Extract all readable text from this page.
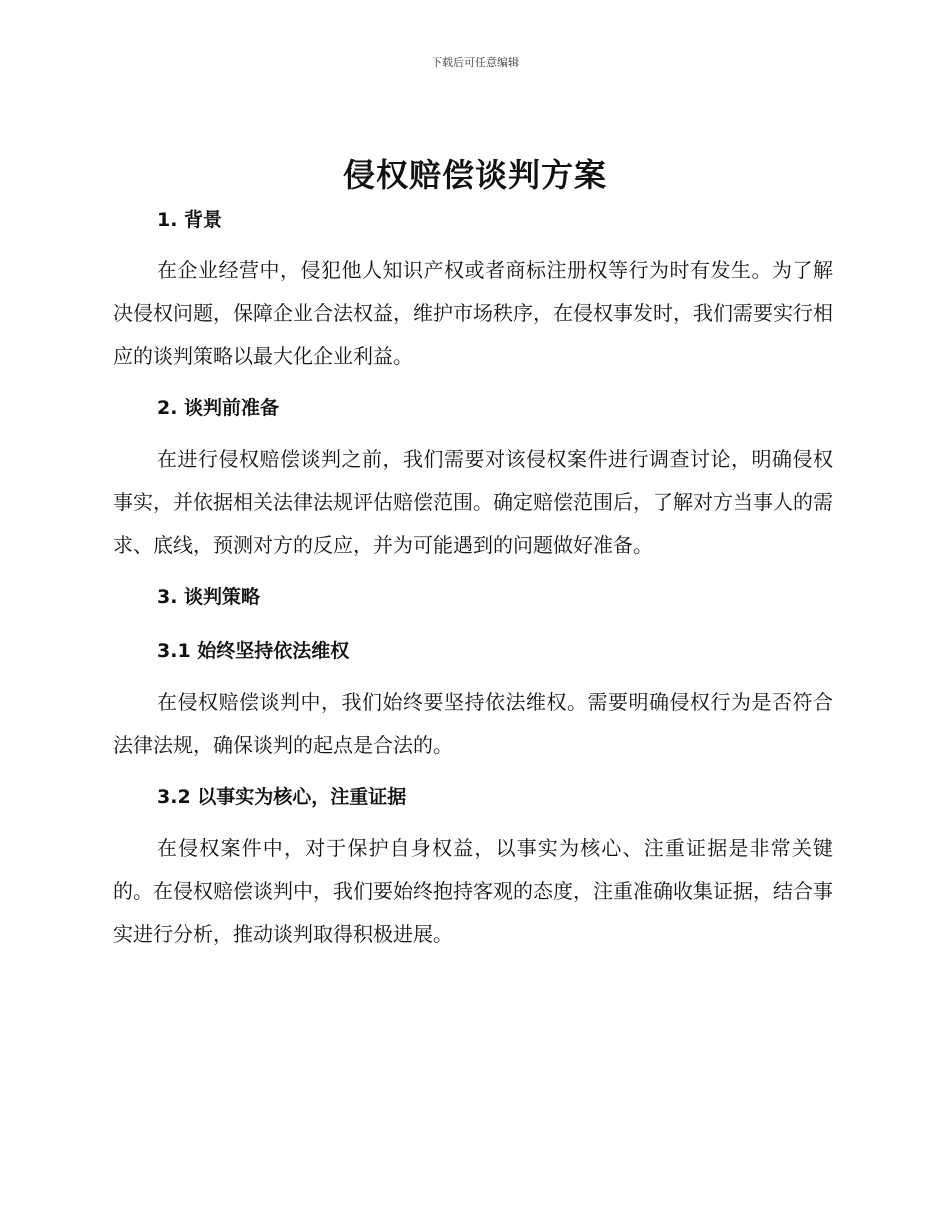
下载后可任意编辑
侵权赔偿谈判方案
1. 背景

在企业经营中，侵犯他人知识产权或者商标注册权等行为时有发生。为了解决侵权问题，保障企业合法权益，维护市场秩序，在侵权事发时，我们需要实行相应的谈判策略以最大化企业利益。

2. 谈判前准备

在进行侵权赔偿谈判之前，我们需要对该侵权案件进行调查讨论，明确侵权事实，并依据相关法律法规评估赔偿范围。确定赔偿范围后，了解对方当事人的需求、底线，预测对方的反应，并为可能遇到的问题做好准备。

3. 谈判策略
3.1 始终坚持依法维权

在侵权赔偿谈判中，我们始终要坚持依法维权。需要明确侵权行为是否符合法律法规，确保谈判的起点是合法的。

3.2 以事实为核心，注重证据

在侵权案件中，对于保护自身权益，以事实为核心、注重证据是非常关键的。在侵权赔偿谈判中，我们要始终抱持客观的态度，注重准确收集证据，结合事实进行分析，推动谈判取得积极进展。
